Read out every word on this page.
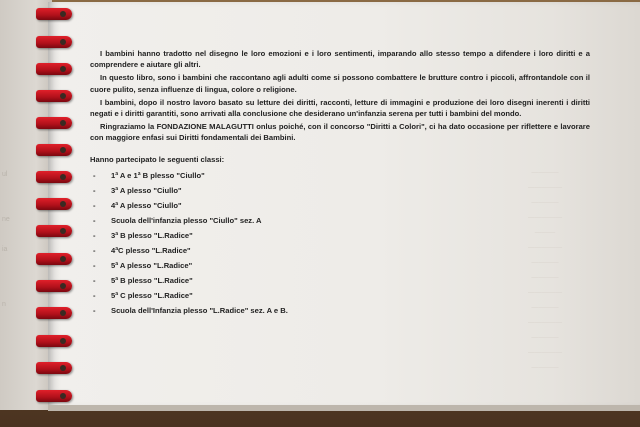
ul
ne
ia
n
————
—————
————
—————
———
—————
————
————
—————
————
—————
————
—————
————

I bambini hanno tradotto nel disegno le loro emozioni e i loro sentimenti, imparando allo stesso tempo a difendere i loro diritti e a comprendere e aiutare gli altri.

In questo libro, sono i bambini che raccontano agli adulti come si possono combattere le brutture contro i piccoli, affrontandole con il cuore pulito, senza influenze di lingua, colore o religione.

I bambini, dopo il nostro lavoro basato su letture dei diritti, racconti, letture di immagini e produzione dei loro disegni inerenti i diritti negati e i diritti garantiti, sono arrivati alla conclusione che desiderano un'infanzia serena per tutti i bambini del mondo.

Ringraziamo la FONDAZIONE MALAGUTTI onlus poiché, con il concorso "Diritti a Colori", ci ha dato occasione per riflettere e lavorare con maggiore enfasi sui Diritti fondamentali dei Bambini.

Hanno partecipato le seguenti classi:
- 1ª A e 1ª B plesso "Ciullo"
- 3ª A plesso "Ciullo"
- 4ª A plesso "Ciullo"
- Scuola dell'infanzia plesso "Ciullo" sez. A
- 3ª B plesso "L.Radice"
- 4ªC plesso "L.Radice"
- 5ª A plesso "L.Radice"
- 5ª B plesso "L.Radice"
- 5ª C plesso "L.Radice"
- Scuola dell'Infanzia plesso "L.Radice" sez. A e B.
